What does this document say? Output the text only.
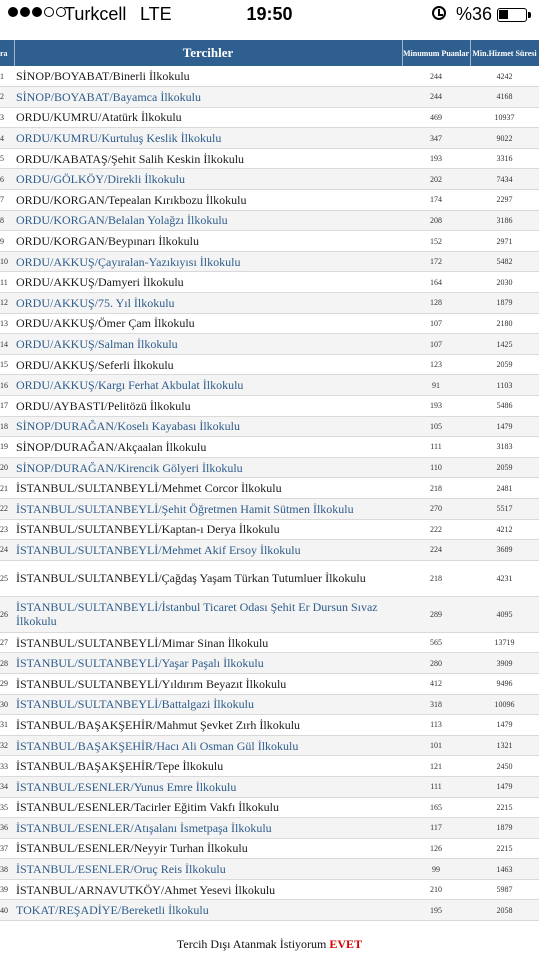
Turkcell LTE	19:50	%36
ra	Tercihler	Minumum Puanlar	Min.Hizmet Süresi
1	SİNOP/BOYABAT/Binerli İlkokulu	244	4242
2	SİNOP/BOYABAT/Bayamca İlkokulu	244	4168
3	ORDU/KUMRU/Atatürk İlkokulu	469	10937
4	ORDU/KUMRU/Kurtuluş Keslik İlkokulu	347	9022
5	ORDU/KABATAŞ/Şehit Salih Keskin İlkokulu	193	3316
6	ORDU/GÖLKÖY/Direkli İlkokulu	202	7434
7	ORDU/KORGAN/Tepealan Kırıkbozu İlkokulu	174	2297
8	ORDU/KORGAN/Belalan Yolağzı İlkokulu	208	3186
9	ORDU/KORGAN/Beypınarı İlkokulu	152	2971
10	ORDU/AKKUŞ/Çayıralan-Yazıkıyısı İlkokulu	172	5482
11	ORDU/AKKUŞ/Damyeri İlkokulu	164	2030
12	ORDU/AKKUŞ/75. Yıl İlkokulu	128	1879
13	ORDU/AKKUŞ/Ömer Çam İlkokulu	107	2180
14	ORDU/AKKUŞ/Salman İlkokulu	107	1425
15	ORDU/AKKUŞ/Seferli İlkokulu	123	2059
16	ORDU/AKKUŞ/Kargı Ferhat Akbulat İlkokulu	91	1103
17	ORDU/AYBASTI/Pelitözü İlkokulu	193	5486
18	SİNOP/DURAĞAN/Koselı Kayabası İlkokulu	105	1479
19	SİNOP/DURAĞAN/Akçaalan İlkokulu	111	3183
20	SİNOP/DURAĞAN/Kirencik Gölyeri İlkokulu	110	2059
21	İSTANBUL/SULTANBEYLİ/Mehmet Corcor İlkokulu	218	2481
22	İSTANBUL/SULTANBEYLİ/Şehit Öğretmen Hamit Sütmen İlkokulu	270	5517
23	İSTANBUL/SULTANBEYLİ/Kaptan-ı Derya İlkokulu	222	4212
24	İSTANBUL/SULTANBEYLİ/Mehmet Akif Ersoy İlkokulu	224	3689
25	İSTANBUL/SULTANBEYLİ/Çağdaş Yaşam Türkan Tutumluer İlkokulu	218	4231
26	İSTANBUL/SULTANBEYLİ/İstanbul Ticaret Odası Şehit Er Dursun Sıvaz İlkokulu	289	4095
27	İSTANBUL/SULTANBEYLİ/Mimar Sinan İlkokulu	565	13719
28	İSTANBUL/SULTANBEYLİ/Yaşar Paşalı İlkokulu	280	3909
29	İSTANBUL/SULTANBEYLİ/Yıldırım Beyazıt İlkokulu	412	9496
30	İSTANBUL/SULTANBEYLİ/Battalgazi İlkokulu	318	10096
31	İSTANBUL/BAŞAKŞEHİR/Mahmut Şevket Zırh İlkokulu	113	1479
32	İSTANBUL/BAŞAKŞEHİR/Hacı Ali Osman Gül İlkokulu	101	1321
33	İSTANBUL/BAŞAKŞEHİR/Tepe İlkokulu	121	2450
34	İSTANBUL/ESENLER/Yunus Emre İlkokulu	111	1479
35	İSTANBUL/ESENLER/Tacirler Eğitim Vakfı İlkokulu	165	2215
36	İSTANBUL/ESENLER/Atışalanı İsmetpaşa İlkokulu	117	1879
37	İSTANBUL/ESENLER/Neyyir Turhan İlkokulu	126	2215
38	İSTANBUL/ESENLER/Oruç Reis İlkokulu	99	1463
39	İSTANBUL/ARNAVUTKÖY/Ahmet Yesevi İlkokulu	210	5987
40	TOKAT/REŞADİYE/Bereketli İlkokulu	195	2058
Tercih Dışı Atanmak İstiyorum EVET
